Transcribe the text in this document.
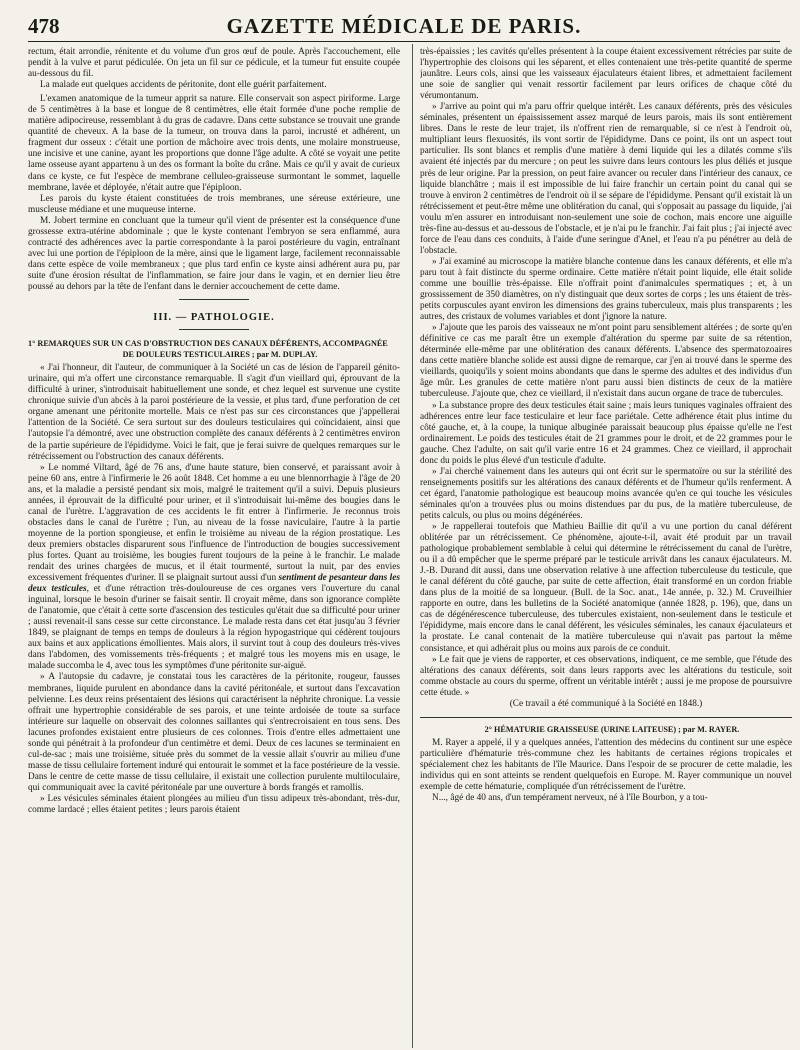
478	GAZETTE MÉDICALE DE PARIS.

rectum, était arrondie, rénitente et du volume d'un gros œuf de poule. Après l'accouchement, elle pendit à la vulve et parut pédiculée. On jeta un fil sur ce pédicule, et la tumeur fut ensuite coupée au-dessous du fil.

La malade eut quelques accidents de péritonite, dont elle guérit parfaitement.

L'examen anatomique de la tumeur apprit sa nature. Elle conservait son aspect piriforme. Large de 5 centimètres à la base et longue de 8 centimètres, elle était formée d'une poche remplie de matière adipocireuse, ressemblant à du gras de cadavre. Dans cette substance se trouvait une grande quantité de cheveux. A la base de la tumeur, on trouva dans la paroi, incrusté et adhérent, un fragment dur osseux : c'était une portion de mâchoire avec trois dents, une molaire monstrueuse, une incisive et une canine, ayant les proportions que donne l'âge adulte. A côté se voyait une petite lame osseuse ayant appartenu à un des os formant la boîte du crâne. Mais ce qu'il y avait de curieux dans ce kyste, ce fut l'espèce de membrane celluleo-graisseuse surmontant le sommet, laquelle membrane, lavée et déployée, n'était autre que l'épiploon.

Les parois du kyste étaient constituées de trois membranes, une séreuse extérieure, une muscleuse médiane et une muqueuse interne.

M. Jobert termine en concluant que la tumeur qu'il vient de présenter est la conséquence d'une grossesse extra-utérine abdominale ; que le kyste contenant l'embryon se sera enflammé, aura contracté des adhérences avec la partie correspondante à la paroi postérieure du vagin, entraînant avec lui une portion de l'épiploon de la mère, ainsi que le ligament large, facilement reconnaissable dans cette espèce de voile membraneux ; que plus tard enfin ce kyste ainsi adhérent aura pu, par suite d'une érosion résultat de l'inflammation, se faire jour dans le vagin, et en dernier lieu être poussé au dehors par la tête de l'enfant dans le dernier accouchement de cette dame.

III. — PATHOLOGIE.

1° REMARQUES SUR UN CAS D'OBSTRUCTION DES CANAUX DÉFÉRENTS, ACCOMPAGNÉE

DE DOULEURS TESTICULAIRES ; par M. DUPLAY.

« J'ai l'honneur, dit l'auteur, de communiquer à la Société un cas de lésion de l'appareil génito-urinaire, qui m'a offert une circonstance remarquable. Il s'agit d'un vieillard qui, éprouvant de la difficulté à uriner, s'introduisait habituellement une sonde, et chez lequel est survenue une cystite chronique suivie d'un abcès à la paroi postérieure de la vessie, et plus tard, d'une perforation de cet organe amenant une péritonite mortelle. Mais ce n'est pas sur ces circonstances que j'appellerai l'attention de la Société. Ce sera surtout sur des douleurs testiculaires qui coïncidaient, ainsi que l'autopsie l'a démontré, avec une obstruction complète des canaux déférents à 2 centimètres environ de la partie supérieure de l'épididyme. Voici le fait, que je ferai suivre de quelques remarques sur le rétrécissement ou l'obstruction des canaux déférents.

» Le nommé Viltard, âgé de 76 ans, d'une haute stature, bien conservé, et paraissant avoir à peine 60 ans, entre à l'infirmerie le 26 août 1848. Cet homme a eu une blennorrhagie à l'âge de 20 ans, et la maladie a persisté pendant six mois, malgré le traitement qu'il a suivi. Depuis plusieurs années, il éprouvait de la difficulté pour uriner, et il s'introduisait lui-même des bougies dans le canal de l'urètre. L'aggravation de ces accidents le fit entrer à l'infirmerie. Je reconnus trois obstacles dans le canal de l'urètre ; l'un, au niveau de la fosse naviculaire, l'autre à la partie moyenne de la portion spongieuse, et enfin le troisième au niveau de la région prostatique. Les deux premiers obstacles disparurent sous l'influence de l'introduction de bougies successivement plus fortes. Quant au troisième, les bougies furent toujours de la peine à le franchir. Le malade rendait des urines chargées de mucus, et il était tourmenté, surtout la nuit, par des envies excessivement fréquentes d'uriner. Il se plaignait surtout aussi d'un sentiment de pesanteur dans les deux testicules, et d'une rétraction très-douloureuse de ces organes vers l'ouverture du canal inguinal, lorsque le besoin d'uriner se faisait sentir. Il croyait même, dans son ignorance complète de l'anatomie, que c'était à cette sorte d'ascension des testicules qu'était due sa difficulté pour uriner ; aussi revenait-il sans cesse sur cette circonstance. Le malade resta dans cet état jusqu'au 3 février 1849, se plaignant de temps en temps de douleurs à la région hypogastrique qui cédèrent toujours aux bains et aux applications émollientes. Mais alors, il survint tout à coup des douleurs très-vives dans l'abdomen, des vomissements très-fréquents ; et malgré tous les moyens mis en usage, le malade succomba le 4, avec tous les symptômes d'une péritonite sur-aiguë.

» A l'autopsie du cadavre, je constatai tous les caractères de la péritonite, rougeur, fausses membranes, liquide purulent en abondance dans la cavité péritonéale, et surtout dans l'excavation pelvienne. Les deux reins présentaient des lésions qui caractérisent la néphrite chronique. La vessie offrait une hypertrophie considérable de ses parois, et une teinte ardoisée de toute sa surface intérieure sur laquelle on observait des colonnes saillantes qui s'entrecroisaient en tous sens. Des lacunes profondes existaient entre plusieurs de ces colonnes. Trois d'entre elles admettaient une sonde qui pénétrait à la profondeur d'un centimètre et demi. Deux de ces lacunes se terminaient en cul-de-sac ; mais une troisième, située près du sommet de la vessie allait s'ouvrir au milieu d'une masse de tissu cellulaire fortement induré qui entourait le sommet et la face postérieure de la vessie. Dans le centre de cette masse de tissu cellulaire, il existait une collection purulente multiloculaire, qui communiquait avec la cavité péritonéale par une ouverture à bords frangés et ramollis.

» Les vésicules séminales étaient plongées au milieu d'un tissu adipeux très-abondant, très-dur, comme lardacé ; elles étaient petites ; leurs parois étaient

très-épaissies ; les cavités qu'elles présentent à la coupe étaient excessivement rétrécies par suite de l'hypertrophie des cloisons qui les séparent, et elles contenaient une très-petite quantité de sperme jaunâtre. Leurs cols, ainsi que les vaisseaux éjaculateurs étaient libres, et admettaient facilement une soie de sanglier qui venait ressortir facilement par leurs orifices de chaque côté du vérumontanum.

» J'arrive au point qui m'a paru offrir quelque intérêt. Les canaux déférents, près des vésicules séminales, présentent un épaississement assez marqué de leurs parois, mais ils sont entièrement libres. Dans le reste de leur trajet, ils n'offrent rien de remarquable, si ce n'est à l'endroit où, multipliant leurs flexuosités, ils vont sortir de l'épididyme. Dans ce point, ils ont un aspect tout particulier. Ils sont blancs et remplis d'une matière à demi liquide qui les a dilatés comme s'ils avaient été injectés par du mercure ; on peut les suivre dans leurs contours les plus déliés et jusque près de leur origine. Par la pression, on peut faire avancer ou reculer dans l'intérieur des canaux, ce liquide blanchâtre ; mais il est impossible de lui faire franchir un certain point du canal qui se trouve à environ 2 centimètres de l'endroit où il se sépare de l'épididyme. Pensant qu'il existait là un rétrécissement et peut-être même une oblitération du canal, qui s'opposait au passage du liquide, j'ai voulu m'en assurer en introduisant non-seulement une soie de cochon, mais encore une aiguille très-fine au-dessus et au-dessous de l'obstacle, et je n'ai pu le franchir. J'ai fait plus ; j'ai injecté avec force de l'eau dans ces conduits, à l'aide d'une seringue d'Anel, et l'eau n'a pu pénétrer au delà de l'obstacle.

» J'ai examiné au microscope la matière blanche contenue dans les canaux déférents, et elle m'a paru tout à fait distincte du sperme ordinaire. Cette matière n'était point liquide, elle était solide comme une bouillie très-épaisse. Elle n'offrait point d'animalcules spermatiques ; et, à un grossissement de 350 diamètres, on n'y distinguait que deux sortes de corps ; les uns étaient de très-petits corpuscules ayant environ les dimensions des grains tuberculeux, mais plus transparents ; les autres, des cristaux de volumes variables et dont j'ignore la nature.

» J'ajoute que les parois des vaisseaux ne m'ont point paru sensiblement altérées ; de sorte qu'en définitive ce cas me paraît être un exemple d'altération du sperme par suite de sa rétention, déterminée elle-même par une oblitération des canaux déférents. L'absence des spermatozoaires dans cette matière blanche solide est aussi digne de remarque, car j'en ai trouvé dans le sperme des vieillards, quoiqu'ils y soient moins abondants que dans le sperme des adultes et des individus d'un âge mûr. Les granules de cette matière n'ont paru aussi bien distincts de ceux de la matière tuberculeuse. J'ajoute que, chez ce vieillard, il n'existait dans aucun organe de trace de tubercules.

» La substance propre des deux testicules était saine ; mais leurs tuniques vaginales offraient des adhérences entre leur face testiculaire et leur face pariétale. Cette adhérence était plus intime du côté gauche, et, à la coupe, la tunique albuginée paraissait beaucoup plus épaisse qu'elle ne l'est ordinairement. Le poids des testicules était de 21 grammes pour le droit, et de 22 grammes pour le gauche. Chez l'adulte, on sait qu'il varie entre 16 et 24 grammes. Chez ce vieillard, il approchait donc du poids le plus élevé d'un testicule d'adulte.

» J'ai cherché vainement dans les auteurs qui ont écrit sur le spermatoïre ou sur la stérilité des renseignements positifs sur les altérations des canaux déférents et de l'humeur qu'ils renferment. A cet égard, l'anatomie pathologique est beaucoup moins avancée qu'en ce qui touche les vésicules séminales qu'on a trouvées plus ou moins distendues par du pus, de la matière tuberculeuse, de petits calculs, ou plus ou moins dégénérées.

» Je rappellerai toutefois que Mathieu Baillie dit qu'il a vu une portion du canal déférent oblitérée par un rétrécissement. Ce phénomène, ajoute-t-il, avait été produit par un travail pathologique probablement semblable à celui qui détermine le rétrécissement du canal de l'urètre, ou il a dû empêcher que le sperme préparé par le testicule arrivât dans les canaux éjaculateurs. M. J.-B. Durand dit aussi, dans une observation relative à une affection tuberculeuse du testicule, que le canal déférent du côté gauche, par suite de cette affection, était transformé en un cordon friable dans plus de la moitié de sa longueur. (Bull. de la Soc. anat., 14e année, p. 32.) M. Cruveilhier rapporte en outre, dans les bulletins de la Société anatomique (année 1828, p. 196), que, dans un cas de dégénérescence tuberculeuse, des tubercules existaient, non-seulement dans le testicule et l'épididyme, mais encore dans le canal déférent, les vésicules séminales, les canaux éjaculateurs et la prostate. Le canal contenait de la matière tuberculeuse qui n'avait pas partout la même consistance, et qui adhérait plus ou moins aux parois de ce conduit.

» Le fait que je viens de rapporter, et ces observations, indiquent, ce me semble, que l'étude des altérations des canaux déférents, soit dans leurs rapports avec les altérations du testicule, soit comme obstacle au cours du sperme, offrent un véritable intérêt ; aussi je me propose de poursuivre cette étude. »

(Ce travail a été communiqué à la Société en 1848.)

2° HÉMATURIE GRAISSEUSE (URINE LAITEUSE) ; par M. RAYER.

M. Rayer a appelé, il y a quelques années, l'attention des médecins du continent sur une espèce particulière d'hématurie très-commune chez les habitants de certaines régions tropicales et spécialement chez les habitants de l'île Maurice. Dans l'espoir de se procurer de cette maladie, les individus qui en sont atteints se rendent quelquefois en Europe. M. Rayer communique un nouvel exemple de cette hématurie, compliquée d'un rétrécissement de l'urètre.

N..., âgé de 40 ans, d'un tempérament nerveux, né à l'île Bourbon, y a tou-
